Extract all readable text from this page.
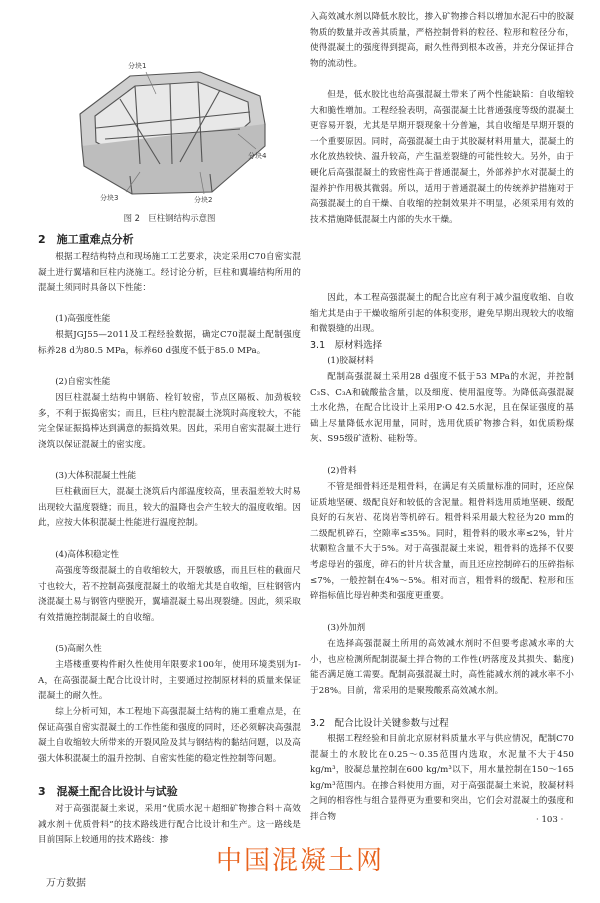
分块1
分块4
分块3	分块2
图 2　巨柱钢结构示意图
2　施工重难点分析

根据工程结构特点和现场施工工艺要求，决定采用C70自密实混凝土进行翼墙和巨柱内浇施工。经讨论分析，巨柱和翼墙结构所用的混凝土须同时具备以下性能：

(1)高强度性能

根据JGJ55—2011及工程经验数据，确定C70混凝土配制强度标养28 d为80.5 MPa，标养60 d强度不低于85.0 MPa。

(2)自密实性能

因巨柱混凝土结构中钢筋、栓钉较密，节点区隔板、加劲板较多，不利于振捣密实；而且，巨柱内腔混凝土浇筑时高度较大，不能完全保证振捣棒达到满意的振捣效果。因此，采用自密实混凝土进行浇筑以保证混凝土的密实度。

(3)大体积混凝土性能

巨柱截面巨大，混凝土浇筑后内部温度较高，里表温差较大时易出现较大温度裂缝；而且，较大的温降也会产生较大的温度收缩。因此，应按大体积混凝土性能进行温度控制。

(4)高体积稳定性

高强度等级混凝土的自收缩较大，开裂敏感，而且巨柱的截面尺寸也较大，若不控制高强度混凝土的收缩尤其是自收缩，巨柱钢管内浇混凝土易与钢管内壁脱开，翼墙混凝土易出现裂缝。因此，须采取有效措施控制混凝土的自收缩。

(5)高耐久性

主塔楼重要构件耐久性使用年限要求100年，使用环境类别为Ⅰ-A，在高强混凝土配合比设计时，主要通过控制原材料的质量来保证混凝土的耐久性。

综上分析可知，本工程地下高强混凝土结构的施工重难点是，在保证高强自密实混凝土的工作性能和强度的同时，还必须解决高强混凝土自收缩较大所带来的开裂风险及其与钢结构的黏结问题，以及高强大体积混凝土的温升控制、自密实性能的稳定性控制等问题。

3　混凝土配合比设计与试验

对于高强混凝土来说，采用“优质水泥＋超细矿物掺合料＋高效减水剂＋优质骨料”的技术路线进行配合比设计和生产。这一路线是目前国际上较通用的技术路线：掺

入高效减水剂以降低水胶比，掺入矿物掺合料以增加水泥石中的胶凝物质的数量并改善其质量，严格控制骨料的粒径、粒形和粒径分布，使得混凝土的强度得到提高，耐久性得到根本改善，并充分保证拌合物的流动性。

但是，低水胶比也给高强混凝土带来了两个性能缺陷：自收缩较大和脆性增加。工程经验表明，高强混凝土比普通强度等级的混凝土更容易开裂，尤其是早期开裂现象十分普遍，其自收缩是早期开裂的一个重要原因。同时，高强混凝土由于其胶凝材料用量大，混凝土的水化放热较快、温升较高，产生温差裂缝的可能性较大。另外，由于硬化后高强混凝土的致密性高于普通混凝土，外部养护水对混凝土的湿养护作用极其微弱。所以，适用于普通混凝土的传统养护措施对于高强混凝土的自干燥、自收缩的控制效果并不明显，必须采用有效的技术措施降低混凝土内部的失水干燥。

因此，本工程高强混凝土的配合比应有利于减少温度收缩、自收缩尤其是由于干燥收缩所引起的体积变形，避免早期出现较大的收缩和微裂缝的出现。

3.1　原材料选择

(1)胶凝材料

配制高强混凝土采用28 d强度不低于53 MPa的水泥，并控制C₃S、C₃A和硫酸盐含量，以及细度、使用温度等。为降低高强混凝土水化热，在配合比设计上采用P·O 42.5水泥，且在保证强度的基础上尽量降低水泥用量，同时，选用优质矿物掺合料，如优质粉煤灰、S95级矿渣粉、硅粉等。

(2)骨料

不管是细骨料还是粗骨料，在满足有关质量标准的同时，还应保证质地坚硬、级配良好和较低的含泥量。粗骨料选用质地坚硬、级配良好的石灰岩、花岗岩等机碎石。粗骨料采用最大粒径为20 mm的二级配机碎石，空隙率≤35%。同时，粗骨料的吸水率≤2%，针片状颗粒含量不大于5%。对于高强混凝土来说，粗骨料的选择不仅要考虑母岩的强度，碎石的针片状含量，而且还应控制碎石的压碎指标≤7%，一般控制在4%～5%。相对而言，粗骨料的级配、粒形和压碎指标值比母岩种类和强度更重要。

(3)外加剂

在选择高强混凝土所用的高效减水剂时不但要考虑减水率的大小，也应检测所配制混凝土拌合物的工作性(坍落度及其损失、黏度)能否满足施工需要。配制高强混凝土时，高性能减水剂的减水率不小于28%。目前，常采用的是聚羧酸系高效减水剂。

3.2　配合比设计关键参数与过程

根据工程经验和目前北京原材料质量水平与供应情况，配制C70混凝土的水胶比在0.25～0.35范围内选取，水泥量不大于450 kg/m³，胶凝总量控制在600 kg/m³以下，用水量控制在150～165 kg/m³范围内。在掺合料使用方面，对于高强混凝土来说，胶凝材料之间的相容性与组合显得更为重要和突出，它们会对混凝土的强度和拌合物	· 103 ·
中国混凝土网
万方数据
